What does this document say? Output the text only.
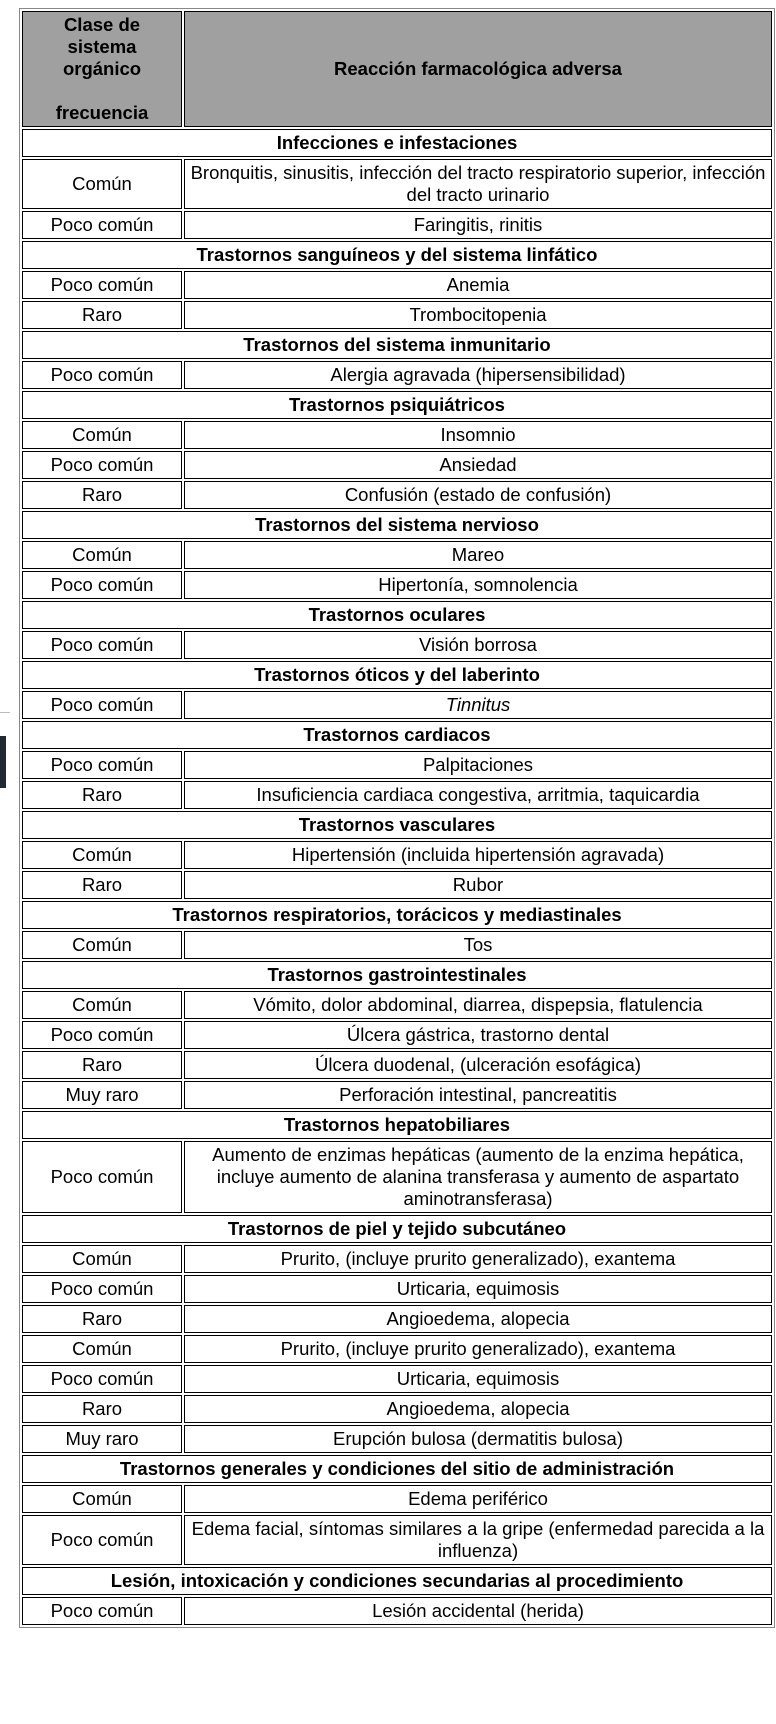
Clase de
sistema
orgánico
frecuencia	Reacción farmacológica adversa
Infecciones e infestaciones	
Común	Bronquitis, sinusitis, infección del tracto respiratorio superior, infección del tracto urinario
Poco común	Faringitis, rinitis
Trastornos sanguíneos y del sistema linfático	
Poco común	Anemia
Raro	Trombocitopenia
Trastornos del sistema inmunitario	
Poco común	Alergia agravada (hipersensibilidad)
Trastornos psiquiátricos	
Común	Insomnio
Poco común	Ansiedad
Raro	Confusión (estado de confusión)
Trastornos del sistema nervioso	
Común	Mareo
Poco común	Hipertonía, somnolencia
Trastornos oculares	
Poco común	Visión borrosa
Trastornos óticos y del laberinto	
Poco común	Tinnitus
Trastornos cardiacos	
Poco común	Palpitaciones
Raro	Insuficiencia cardiaca congestiva, arritmia, taquicardia
Trastornos vasculares	
Común	Hipertensión (incluida hipertensión agravada)
Raro	Rubor
Trastornos respiratorios, torácicos y mediastinales	
Común	Tos
Trastornos gastrointestinales	
Común	Vómito, dolor abdominal, diarrea, dispepsia, flatulencia
Poco común	Úlcera gástrica, trastorno dental
Raro	Úlcera duodenal, (ulceración esofágica)
Muy raro	Perforación intestinal, pancreatitis
Trastornos hepatobiliares	
Poco común	Aumento de enzimas hepáticas (aumento de la enzima hepática, incluye aumento de alanina transferasa y aumento de aspartato aminotransferasa)
Trastornos de piel y tejido subcutáneo	
Común	Prurito, (incluye prurito generalizado), exantema
Poco común	Urticaria, equimosis
Raro	Angioedema, alopecia
Común	Prurito, (incluye prurito generalizado), exantema
Poco común	Urticaria, equimosis
Raro	Angioedema, alopecia
Muy raro	Erupción bulosa (dermatitis bulosa)
Trastornos generales y condiciones del sitio de administración	
Común	Edema periférico
Poco común	Edema facial, síntomas similares a la gripe (enfermedad parecida a la influenza)
Lesión, intoxicación y condiciones secundarias al procedimiento	
Poco común	Lesión accidental (herida)
